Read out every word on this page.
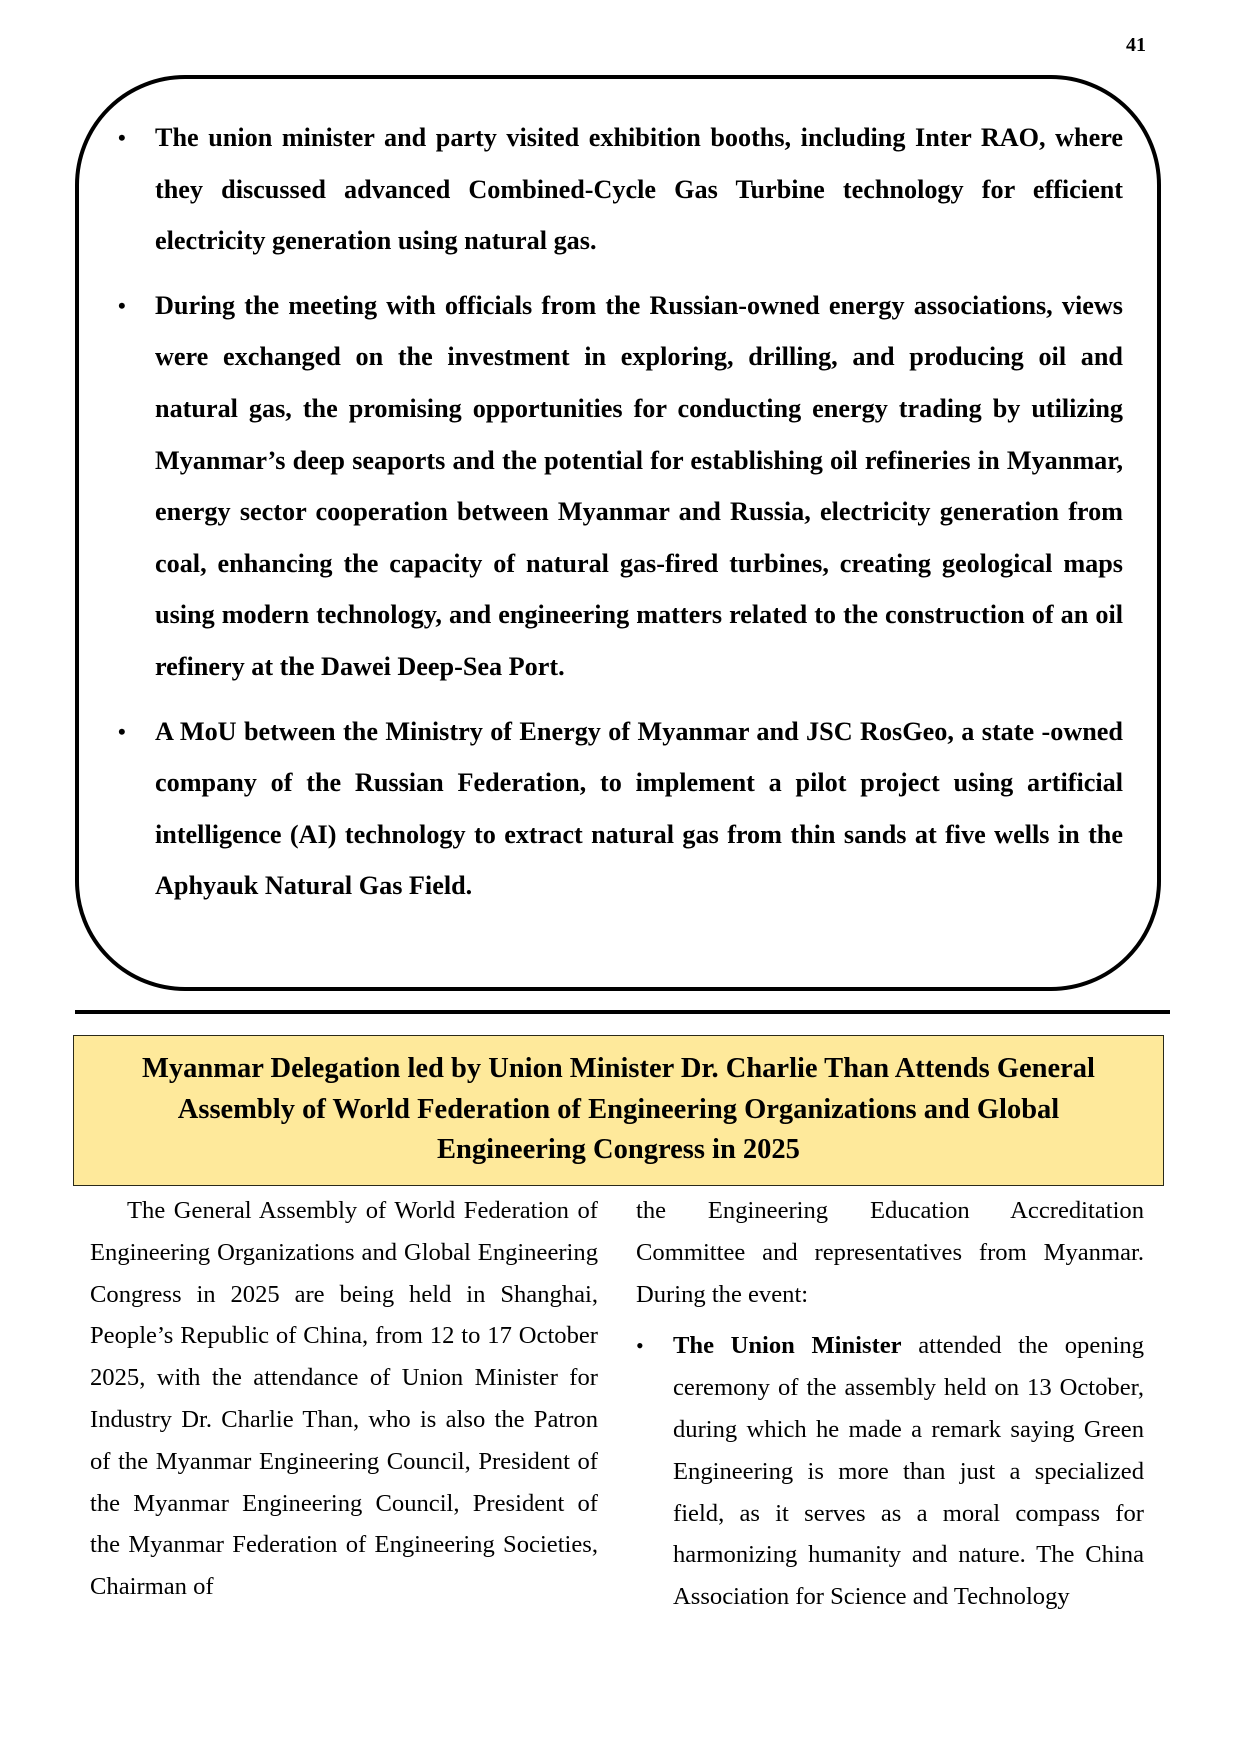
41
• The union minister and party visited exhibition booths, including Inter RAO, where they discussed advanced Combined-Cycle Gas Turbine technology for efficient electricity generation using natural gas.
• During the meeting with officials from the Russian-owned energy associations, views were exchanged on the investment in exploring, drilling, and producing oil and natural gas, the promising opportunities for conducting energy trading by utilizing Myanmar’s deep seaports and the potential for establishing oil refineries in Myanmar, energy sector cooperation between Myanmar and Russia, electricity generation from coal, enhancing the capacity of natural gas-fired turbines, creating geological maps using modern technology, and engineering matters related to the construction of an oil refinery at the Dawei Deep-Sea Port.
• A MoU between the Ministry of Energy of Myanmar and JSC RosGeo, a state -owned company of the Russian Federation, to implement a pilot project using artificial intelligence (AI) technology to extract natural gas from thin sands at five wells in the Aphyauk Natural Gas Field.
Myanmar Delegation led by Union Minister Dr. Charlie Than Attends General
Assembly of World Federation of Engineering Organizations and Global
Engineering Congress in 2025

The General Assembly of World Federation of Engineering Organizations and Global Engineering Congress in 2025 are being held in Shanghai, People’s Republic of China, from 12 to 17 October 2025, with the attendance of Union Minister for Industry Dr. Charlie Than, who is also the Patron of the Myanmar Engineering Council, President of the Myanmar Engineering Council, President of the Myanmar Federation of Engineering Societies, Chairman of

the Engineering Education Accreditation Committee and representatives from Myanmar. During the event:

• The Union Minister attended the opening ceremony of the assembly held on 13 October, during which he made a remark saying Green Engineering is more than just a specialized field, as it serves as a moral compass for harmonizing humanity and nature. The China Association for Science and Technology
